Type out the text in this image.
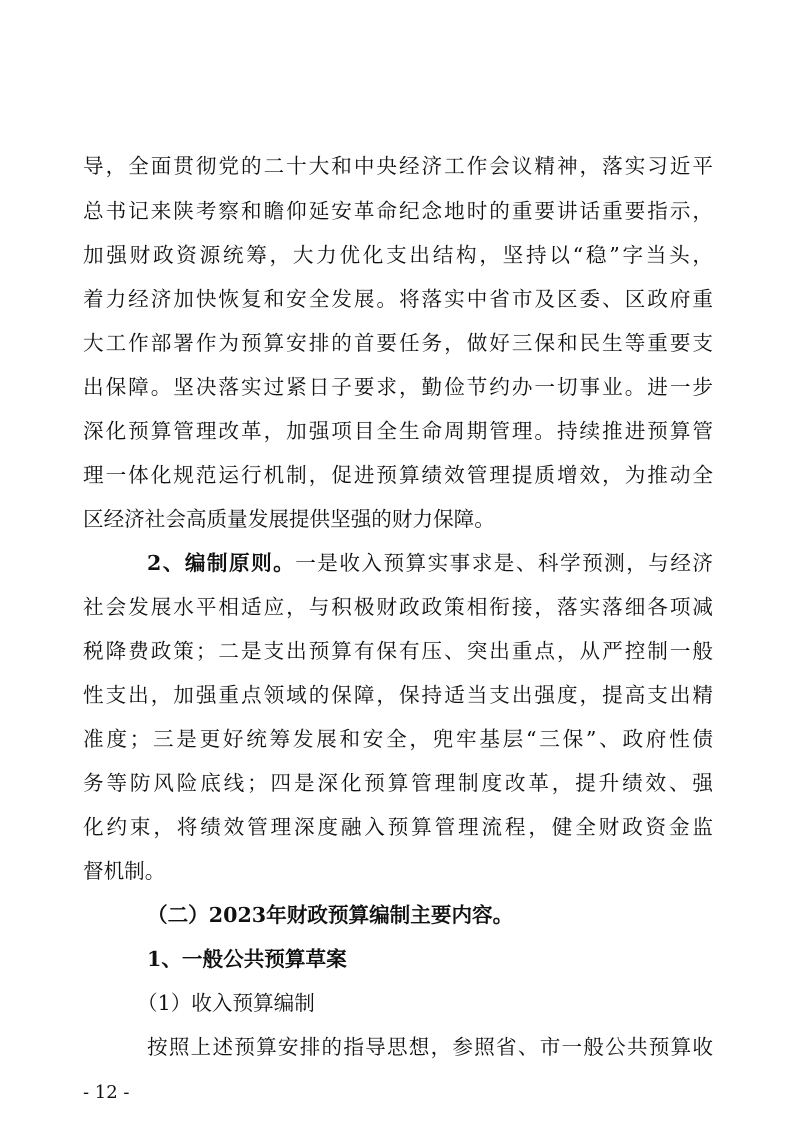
导，全面贯彻党的二十大和中央经济工作会议精神，落实习近平
总书记来陕考察和瞻仰延安革命纪念地时的重要讲话重要指示，
加强财政资源统筹，大力优化支出结构，坚持以“稳”字当头，
着力经济加快恢复和安全发展。将落实中省市及区委、区政府重
大工作部署作为预算安排的首要任务，做好三保和民生等重要支
出保障。坚决落实过紧日子要求，勤俭节约办一切事业。进一步
深化预算管理改革，加强项目全生命周期管理。持续推进预算管
理一体化规范运行机制，促进预算绩效管理提质增效，为推动全
区经济社会高质量发展提供坚强的财力保障。
2、编制原则。一是收入预算实事求是、科学预测，与经济
社会发展水平相适应，与积极财政政策相衔接，落实落细各项减
税降费政策；二是支出预算有保有压、突出重点，从严控制一般
性支出，加强重点领域的保障，保持适当支出强度，提高支出精
准度；三是更好统筹发展和安全，兜牢基层“三保”、政府性债
务等防风险底线；四是深化预算管理制度改革，提升绩效、强
化约束，将绩效管理深度融入预算管理流程，健全财政资金监
督机制。
（二）2023年财政预算编制主要内容。
1、一般公共预算草案
（1）收入预算编制
按照上述预算安排的指导思想，参照省、市一般公共预算收
- 12 -
